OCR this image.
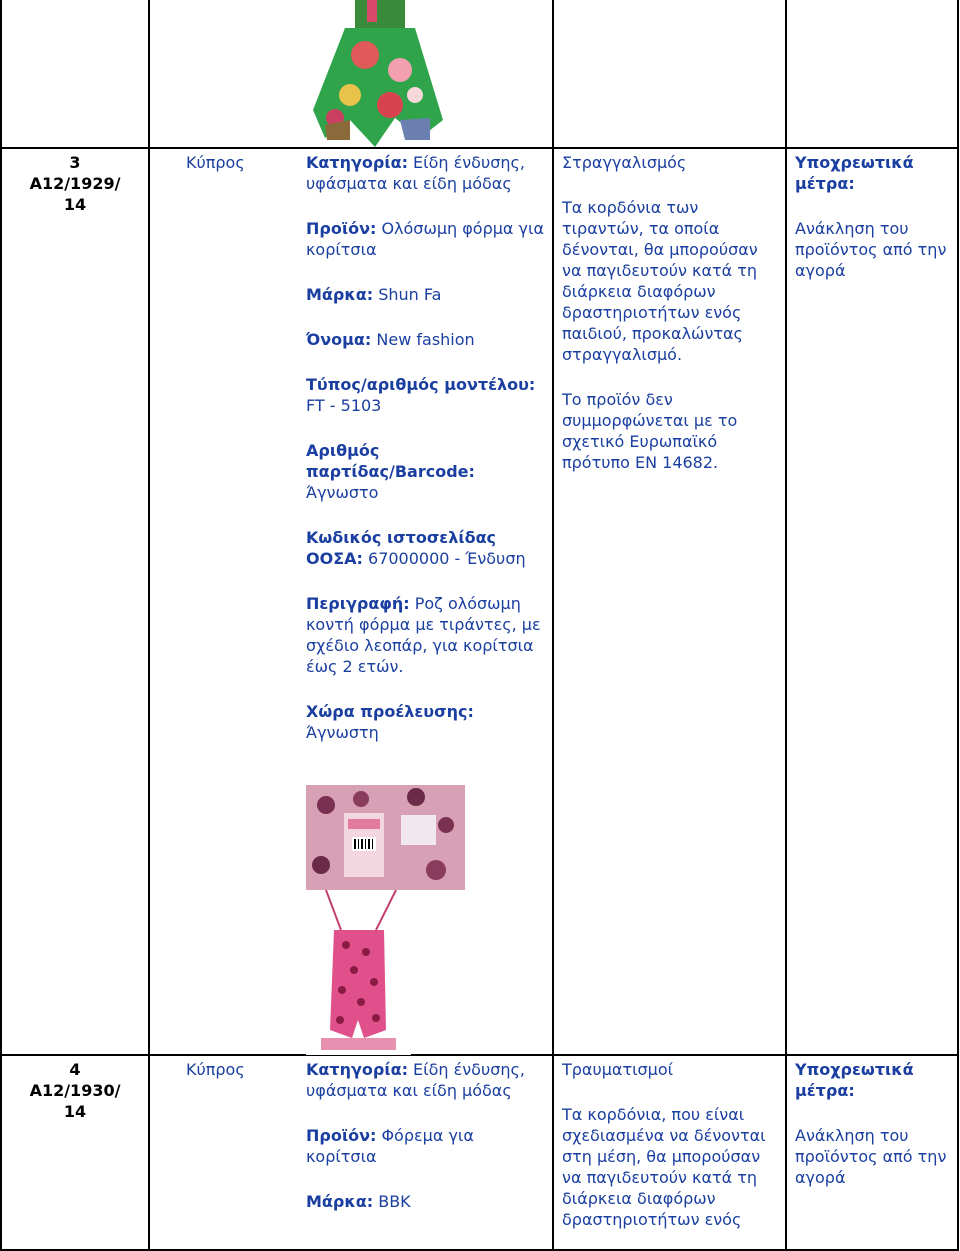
3
A12/1929/
14
Κύπρος	Κατηγορία: Είδη ένδυσης, υφάσματα και είδη μόδας

Προϊόν: Ολόσωμη φόρμα για κορίτσια

Μάρκα: Shun Fa

Όνομα: New fashion

Τύπος/αριθμός μοντέλου: FT - 5103

Αριθμός παρτίδας/Barcode: Άγνωστο

Κωδικός ιστοσελίδας ΟΟΣΑ: 67000000 - Ένδυση

Περιγραφή: Ροζ ολόσωμη κοντή φόρμα με τιράντες, με σχέδιο λεοπάρ, για κορίτσια έως 2 ετών.

Χώρα προέλευσης: Άγνωστη

Στραγγαλισμός

Τα κορδόνια των τιραντών, τα οποία δένονται, θα μπορούσαν να παγιδευτούν κατά τη διάρκεια διαφόρων δραστηριοτήτων ενός παιδιού, προκαλώντας στραγγαλισμό.

Το προϊόν δεν συμμορφώνεται με το σχετικό Ευρωπαϊκό πρότυπο EN 14682.

Υποχρεωτικά μέτρα:

Ανάκληση του προϊόντος από την αγορά

4
A12/1930/
14
Κύπρος	Κατηγορία: Είδη ένδυσης, υφάσματα και είδη μόδας

Προϊόν: Φόρεμα για κορίτσια

Μάρκα: BBK

Τραυματισμοί

Τα κορδόνια, που είναι σχεδιασμένα να δένονται στη μέση, θα μπορούσαν να παγιδευτούν κατά τη διάρκεια διαφόρων δραστηριοτήτων ενός

Υποχρεωτικά μέτρα:

Ανάκληση του προϊόντος από την αγορά
